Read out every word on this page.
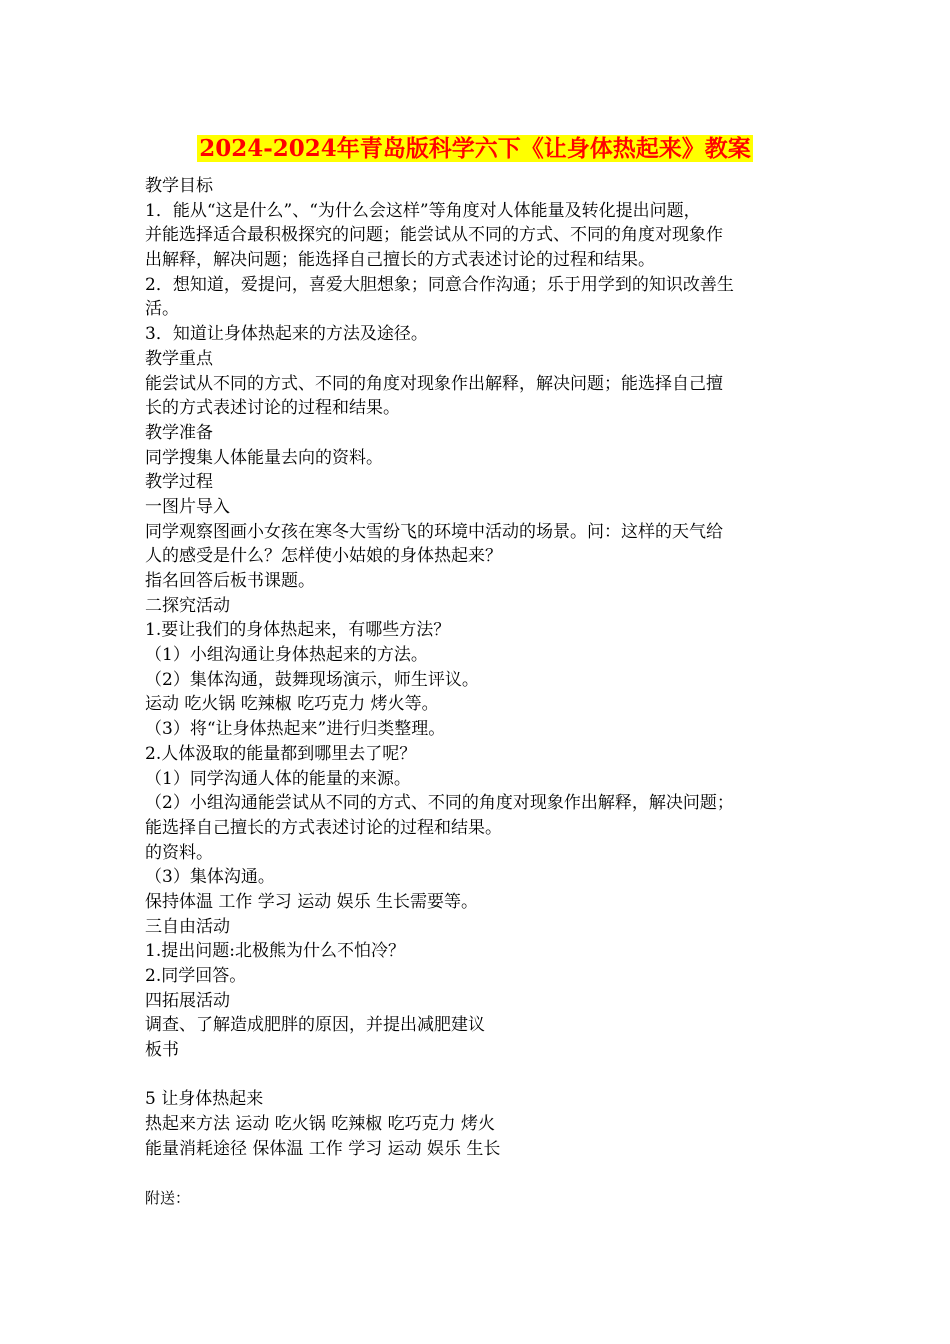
2024-2024年青岛版科学六下《让身体热起来》教案
教学目标
1．能从“这是什么”、“为什么会这样”等角度对人体能量及转化提出问题，
并能选择适合最积极探究的问题；能尝试从不同的方式、不同的角度对现象作
出解释，解决问题；能选择自己擅长的方式表述讨论的过程和结果。
2．想知道，爱提问，喜爱大胆想象；同意合作沟通；乐于用学到的知识改善生
活。
3．知道让身体热起来的方法及途径。
教学重点
能尝试从不同的方式、不同的角度对现象作出解释，解决问题；能选择自己擅
长的方式表述讨论的过程和结果。
教学准备
同学搜集人体能量去向的资料。
教学过程
一图片导入
同学观察图画小女孩在寒冬大雪纷飞的环境中活动的场景。问：这样的天气给
人的感受是什么？怎样使小姑娘的身体热起来？
指名回答后板书课题。
二探究活动
1.要让我们的身体热起来，有哪些方法？
（1）小组沟通让身体热起来的方法。
（2）集体沟通，鼓舞现场演示，师生评议。
运动 吃火锅 吃辣椒 吃巧克力 烤火等。
（3）将“让身体热起来”进行归类整理。
2.人体汲取的能量都到哪里去了呢？
（1）同学沟通人体的能量的来源。
（2）小组沟通能尝试从不同的方式、不同的角度对现象作出解释，解决问题；
能选择自己擅长的方式表述讨论的过程和结果。
的资料。
（3）集体沟通。
保持体温 工作 学习 运动 娱乐 生长需要等。
三自由活动
1.提出问题:北极熊为什么不怕冷？
2.同学回答。
四拓展活动
调查、了解造成肥胖的原因，并提出减肥建议
板书
5 让身体热起来
热起来方法 运动 吃火锅 吃辣椒 吃巧克力 烤火
能量消耗途径 保体温 工作 学习 运动 娱乐 生长
附送：
